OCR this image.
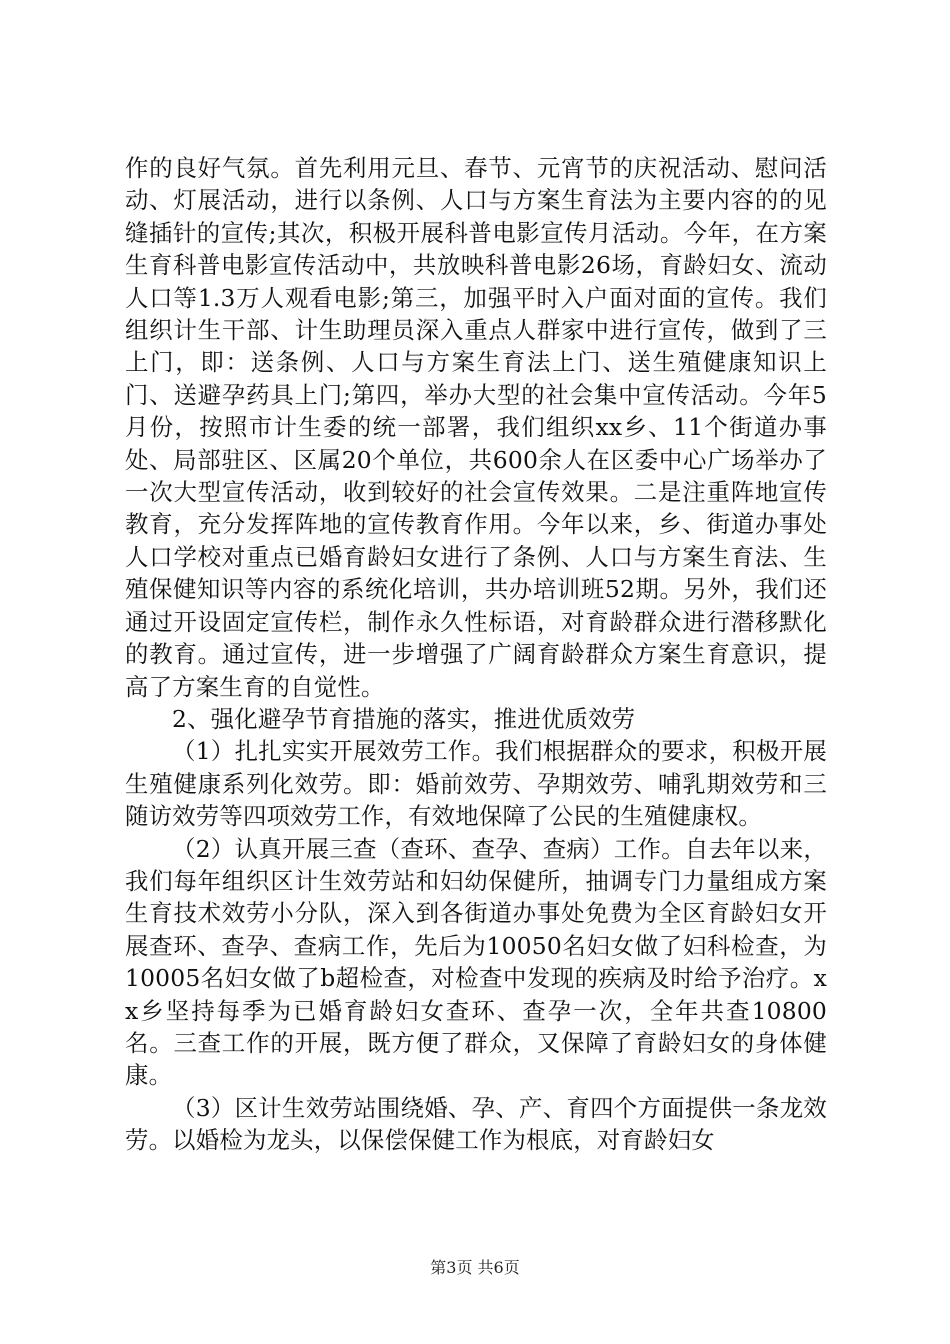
作的良好气氛。首先利用元旦、春节、元宵节的庆祝活动、慰问活动、灯展活动，进行以条例、人口与方案生育法为主要内容的的见缝插针的宣传;其次，积极开展科普电影宣传月活动。今年，在方案生育科普电影宣传活动中，共放映科普电影26场，育龄妇女、流动人口等1.3万人观看电影;第三，加强平时入户面对面的宣传。我们组织计生干部、计生助理员深入重点人群家中进行宣传，做到了三上门，即：送条例、人口与方案生育法上门、送生殖健康知识上门、送避孕药具上门;第四，举办大型的社会集中宣传活动。今年5月份，按照市计生委的统一部署，我们组织xx乡、11个街道办事处、局部驻区、区属20个单位，共600余人在区委中心广场举办了一次大型宣传活动，收到较好的社会宣传效果。二是注重阵地宣传教育，充分发挥阵地的宣传教育作用。今年以来，乡、街道办事处人口学校对重点已婚育龄妇女进行了条例、人口与方案生育法、生殖保健知识等内容的系统化培训，共办培训班52期。另外，我们还通过开设固定宣传栏，制作永久性标语，对育龄群众进行潜移默化的教育。通过宣传，进一步增强了广阔育龄群众方案生育意识，提高了方案生育的自觉性。

2、强化避孕节育措施的落实，推进优质效劳

（1）扎扎实实开展效劳工作。我们根据群众的要求，积极开展生殖健康系列化效劳。即：婚前效劳、孕期效劳、哺乳期效劳和三随访效劳等四项效劳工作，有效地保障了公民的生殖健康权。

（2）认真开展三查（查环、查孕、查病）工作。自去年以来，我们每年组织区计生效劳站和妇幼保健所，抽调专门力量组成方案生育技术效劳小分队，深入到各街道办事处免费为全区育龄妇女开展查环、查孕、查病工作，先后为10050名妇女做了妇科检查，为10005名妇女做了b超检查，对检查中发现的疾病及时给予治疗。xx乡坚持每季为已婚育龄妇女查环、查孕一次，全年共查10800名。三查工作的开展，既方便了群众，又保障了育龄妇女的身体健康。

（3）区计生效劳站围绕婚、孕、产、育四个方面提供一条龙效劳。以婚检为龙头，以保偿保健工作为根底，对育龄妇女

第3页 共6页
